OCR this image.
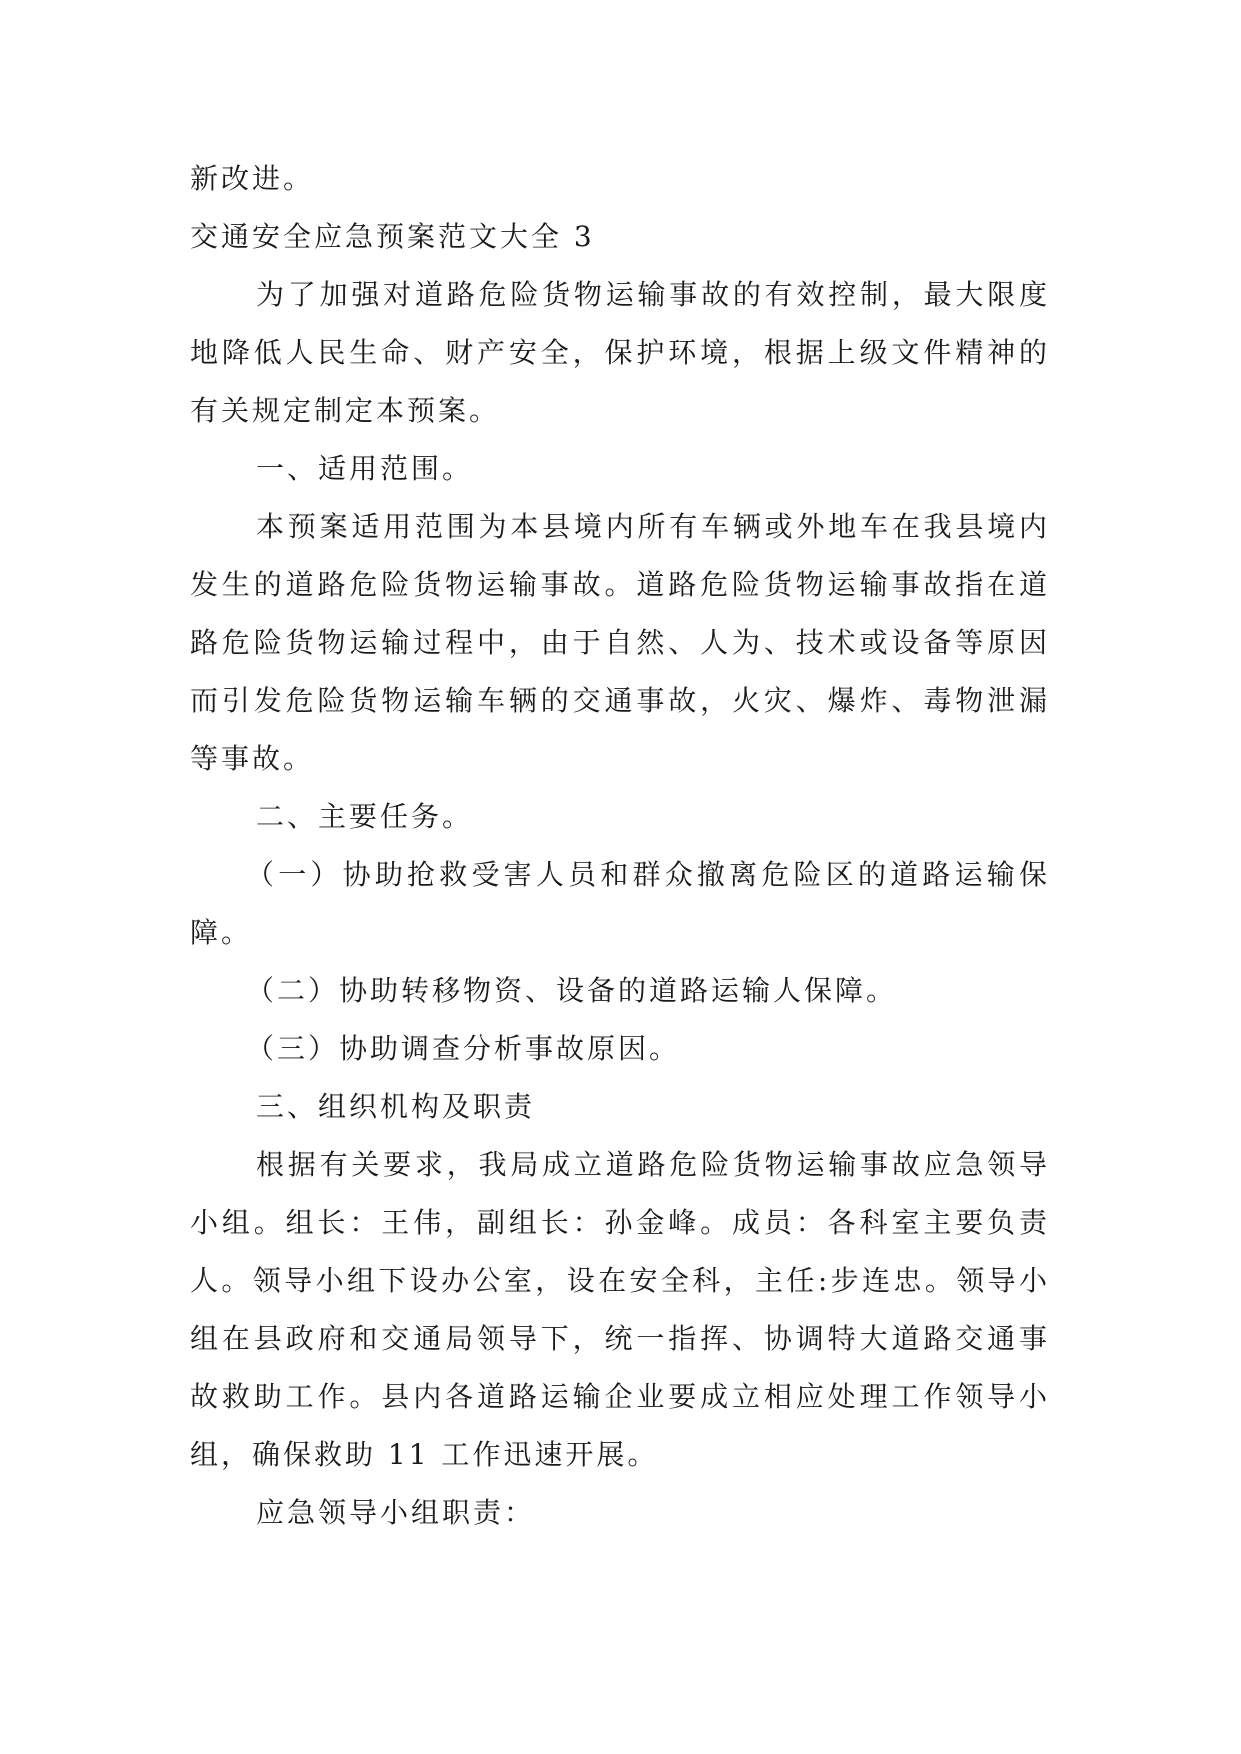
新改进。

交通安全应急预案范文大全 3

为了加强对道路危险货物运输事故的有效控制，最大限度地降低人民生命、财产安全，保护环境，根据上级文件精神的有关规定制定本预案。

一、适用范围。

本预案适用范围为本县境内所有车辆或外地车在我县境内发生的道路危险货物运输事故。道路危险货物运输事故指在道路危险货物运输过程中，由于自然、人为、技术或设备等原因而引发危险货物运输车辆的交通事故，火灾、爆炸、毒物泄漏等事故。

二、主要任务。

（一）协助抢救受害人员和群众撤离危险区的道路运输保障。

（二）协助转移物资、设备的道路运输人保障。

（三）协助调查分析事故原因。

三、组织机构及职责

根据有关要求，我局成立道路危险货物运输事故应急领导小组。组长：王伟，副组长：孙金峰。成员：各科室主要负责人。领导小组下设办公室，设在安全科，主任:步连忠。领导小组在县政府和交通局领导下，统一指挥、协调特大道路交通事故救助工作。县内各道路运输企业要成立相应处理工作领导小组，确保救助 11 工作迅速开展。

应急领导小组职责：
